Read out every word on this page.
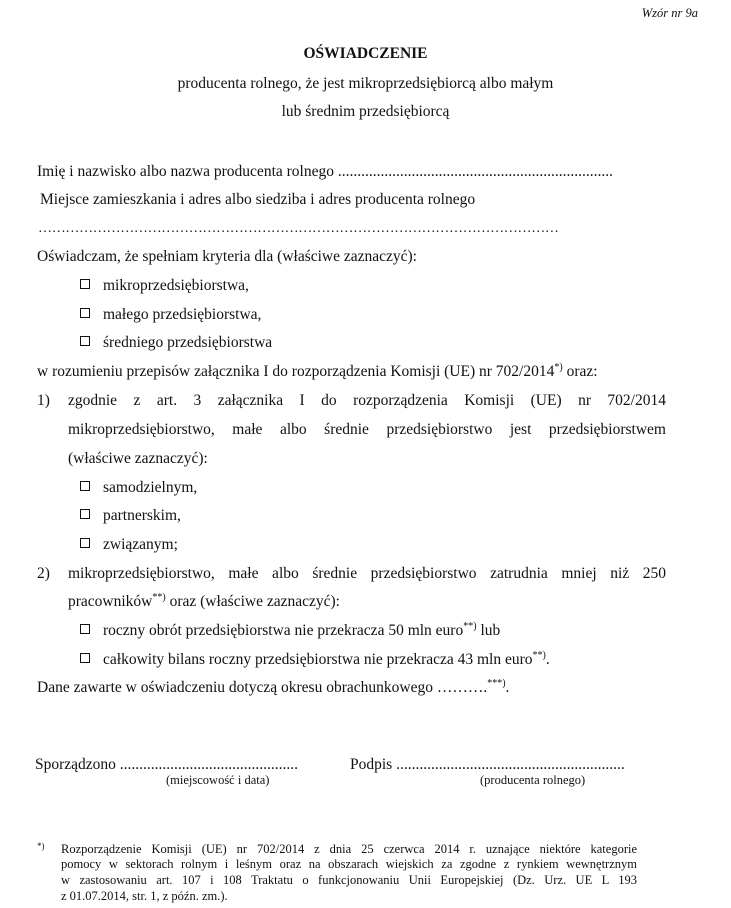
Wzór nr 9a
OŚWIADCZENIE
producenta rolnego, że jest mikroprzedsiębiorcą albo małym
lub średnim przedsiębiorcą
Imię i nazwisko albo nazwa producenta rolnego .......................................................................
Miejsce zamieszkania i adres albo siedziba i adres producenta rolnego
……………………………………………………………………………………………………
Oświadczam, że spełniam kryteria dla (właściwe zaznaczyć):
mikroprzedsiębiorstwa,
małego przedsiębiorstwa,
średniego przedsiębiorstwa
w rozumieniu przepisów załącznika I do rozporządzenia Komisji (UE) nr 702/2014*) oraz:
1) zgodnie z art. 3 załącznika I do rozporządzenia Komisji (UE) nr 702/2014
mikroprzedsiębiorstwo, małe albo średnie przedsiębiorstwo jest przedsiębiorstwem
(właściwe zaznaczyć):
samodzielnym,
partnerskim,
związanym;
2) mikroprzedsiębiorstwo, małe albo średnie przedsiębiorstwo zatrudnia mniej niż 250
pracowników**) oraz (właściwe zaznaczyć):
roczny obrót przedsiębiorstwa nie przekracza 50 mln euro**) lub
całkowity bilans roczny przedsiębiorstwa nie przekracza 43 mln euro**).
Dane zawarte w oświadczeniu dotyczą okresu obrachunkowego ……….***).
Sporządzono ..............................................
(miejscowość i data)
Podpis ...........................................................
(producenta rolnego)
*) Rozporządzenie Komisji (UE) nr 702/2014 z dnia 25 czerwca 2014 r. uznające niektóre kategorie
pomocy w sektorach rolnym i leśnym oraz na obszarach wiejskich za zgodne z rynkiem wewnętrznym
w zastosowaniu art. 107 i 108 Traktatu o funkcjonowaniu Unii Europejskiej (Dz. Urz. UE L 193
z 01.07.2014, str. 1, z późn. zm.).
